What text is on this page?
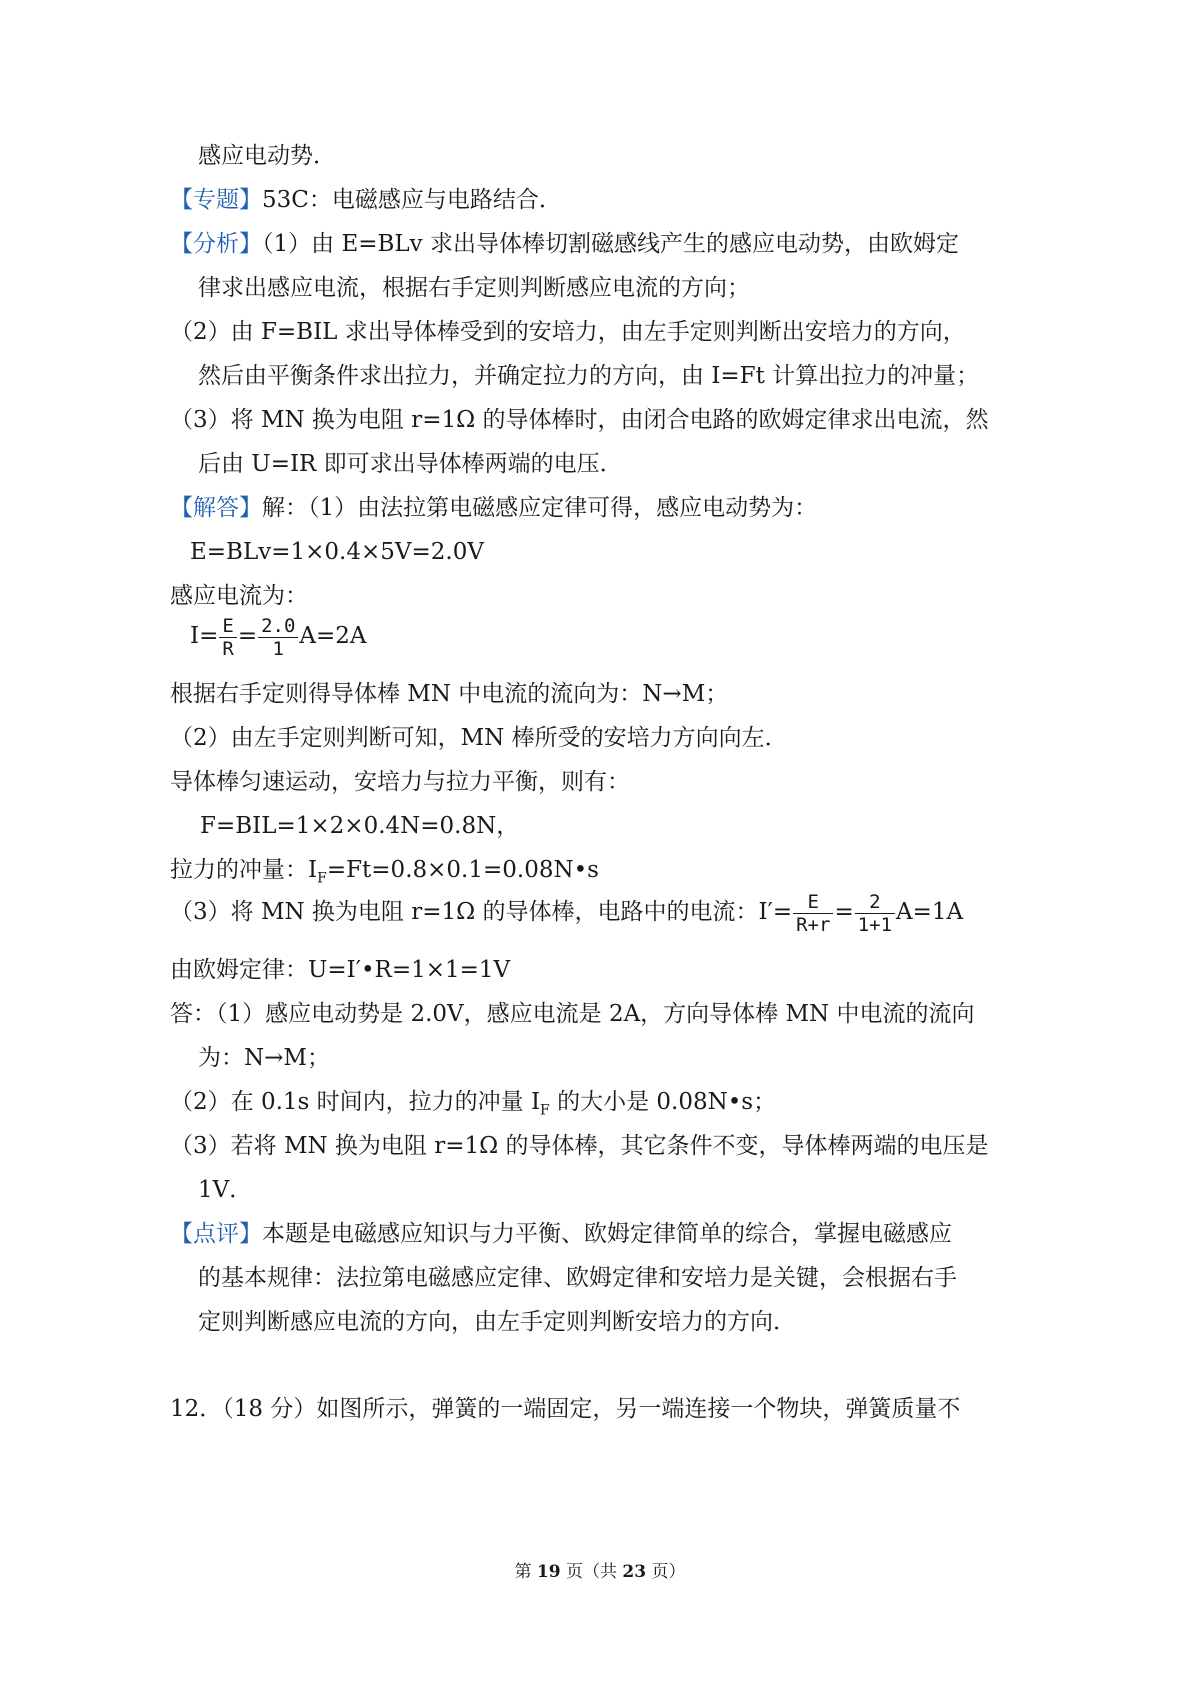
感应电动势．
【专题】53C：电磁感应与电路结合．
【分析】（1）由 E=BLv 求出导体棒切割磁感线产生的感应电动势，由欧姆定
律求出感应电流，根据右手定则判断感应电流的方向；
（2）由 F=BIL 求出导体棒受到的安培力，由左手定则判断出安培力的方向，
然后由平衡条件求出拉力，并确定拉力的方向，由 I=Ft 计算出拉力的冲量；
（3）将 MN 换为电阻 r=1Ω 的导体棒时，由闭合电路的欧姆定律求出电流，然
后由 U=IR 即可求出导体棒两端的电压．
【解答】解：（1）由法拉第电磁感应定律可得，感应电动势为：
E=BLv=1×0.4×5V=2.0V
感应电流为：
$I= \frac{E}{R} = \frac{2.0}{1} A=2A$
根据右手定则得导体棒 MN 中电流的流向为：N→M；
（2）由左手定则判断可知，MN 棒所受的安培力方向向左．
导体棒匀速运动，安培力与拉力平衡，则有：
F=BIL=1×2×0.4N=0.8N，
拉力的冲量：$I_F=Ft=0.8\times 0.1=0.08N•s$
（3）将 MN 换为电阻 r=1Ω 的导体棒，电路中的电流：$I'= \frac{E}{R+r} = \frac{2}{1+1} A=1A$
由欧姆定律：U=I′•R=1×1=1V
答：（1）感应电动势是 2.0V，感应电流是 2A，方向导体棒 MN 中电流的流向
为：N→M；
（2）在 0.1s 时间内，拉力的冲量 $I_F$ 的大小是 0.08N•s；
（3）若将 MN 换为电阻 r=1Ω 的导体棒，其它条件不变，导体棒两端的电压是
1V．
【点评】本题是电磁感应知识与力平衡、欧姆定律简单的综合，掌握电磁感应
的基本规律：法拉第电磁感应定律、欧姆定律和安培力是关键，会根据右手
定则判断感应电流的方向，由左手定则判断安培力的方向．
12．（18 分）如图所示，弹簧的一端固定，另一端连接一个物块，弹簧质量不
第 19 页（共 23 页）
